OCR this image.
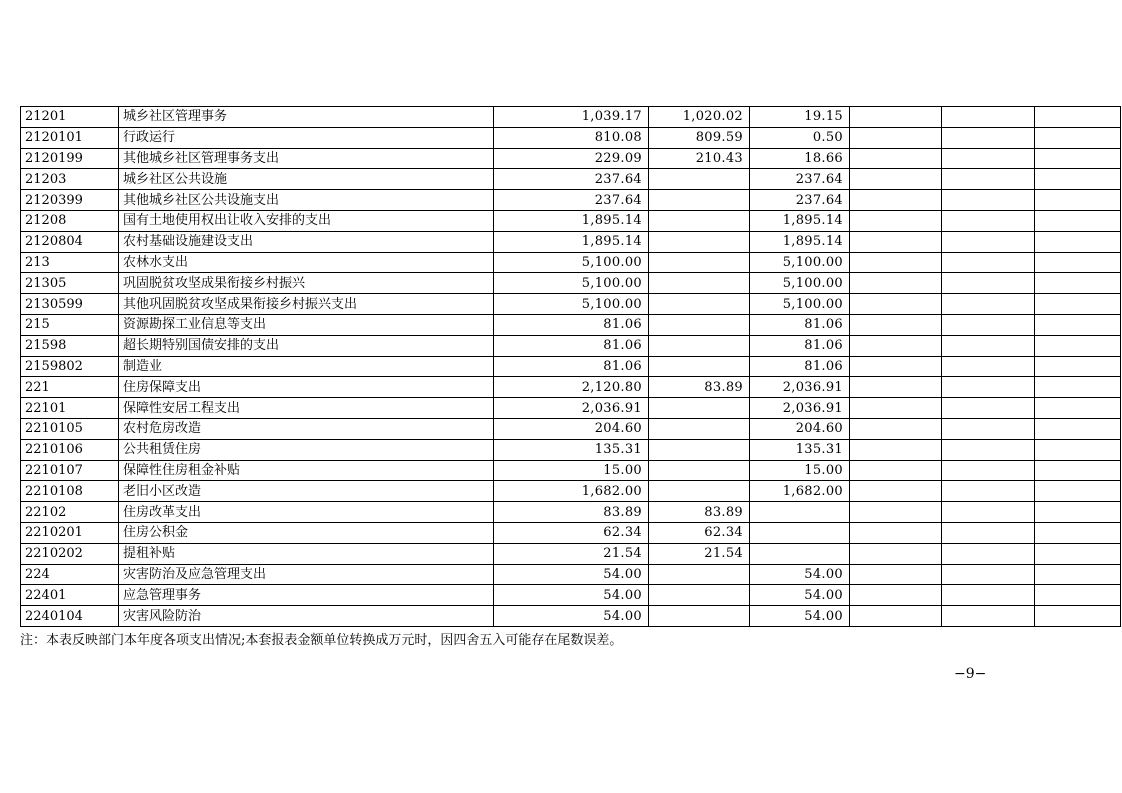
21201	城乡社区管理事务	1,039.17	1,020.02	19.15			
2120101	行政运行	810.08	809.59	0.50			
2120199	其他城乡社区管理事务支出	229.09	210.43	18.66			
21203	城乡社区公共设施	237.64		237.64			
2120399	其他城乡社区公共设施支出	237.64		237.64			
21208	国有土地使用权出让收入安排的支出	1,895.14		1,895.14			
2120804	农村基础设施建设支出	1,895.14		1,895.14			
213	农林水支出	5,100.00		5,100.00			
21305	巩固脱贫攻坚成果衔接乡村振兴	5,100.00		5,100.00			
2130599	其他巩固脱贫攻坚成果衔接乡村振兴支出	5,100.00		5,100.00			
215	资源勘探工业信息等支出	81.06		81.06			
21598	超长期特别国债安排的支出	81.06		81.06			
2159802	制造业	81.06		81.06			
221	住房保障支出	2,120.80	83.89	2,036.91			
22101	保障性安居工程支出	2,036.91		2,036.91			
2210105	农村危房改造	204.60		204.60			
2210106	公共租赁住房	135.31		135.31			
2210107	保障性住房租金补贴	15.00		15.00			
2210108	老旧小区改造	1,682.00		1,682.00			
22102	住房改革支出	83.89	83.89				
2210201	住房公积金	62.34	62.34				
2210202	提租补贴	21.54	21.54				
224	灾害防治及应急管理支出	54.00		54.00			
22401	应急管理事务	54.00		54.00			
2240104	灾害风险防治	54.00		54.00			
注：本表反映部门本年度各项支出情况;本套报表金额单位转换成万元时，因四舍五入可能存在尾数误差。
−9−
